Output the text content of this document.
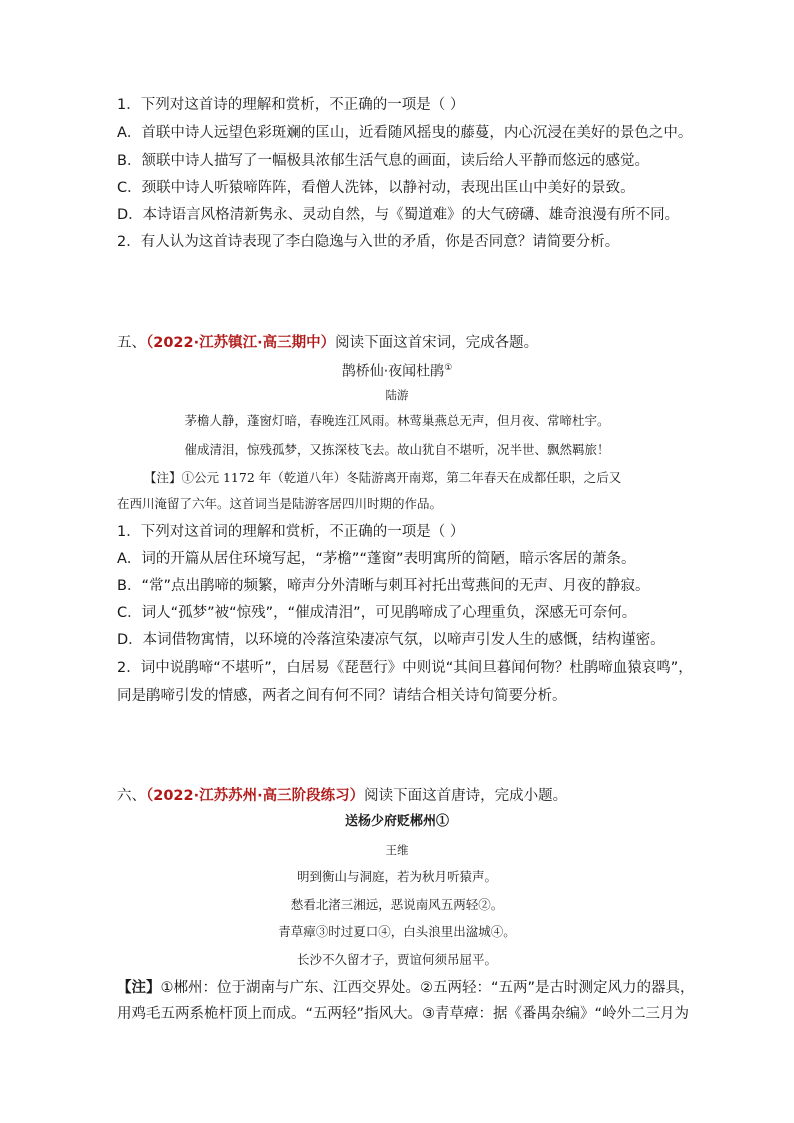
1．下列对这首诗的理解和赏析，不正确的一项是（ ）
A．首联中诗人远望色彩斑斓的匡山，近看随风摇曳的藤蔓，内心沉浸在美好的景色之中。
B．颔联中诗人描写了一幅极具浓郁生活气息的画面，读后给人平静而悠远的感觉。
C．颈联中诗人听猿啼阵阵，看僧人洗钵，以静衬动，表现出匡山中美好的景致。
D．本诗语言风格清新隽永、灵动自然，与《蜀道难》的大气磅礴、雄奇浪漫有所不同。
2．有人认为这首诗表现了李白隐逸与入世的矛盾，你是否同意？请简要分析。
五、（2022·江苏镇江·高三期中）阅读下面这首宋词，完成各题。
鹊桥仙·夜闻杜鹃①
陆游
茅檐人静，蓬窗灯暗，春晚连江风雨。林莺巢燕总无声，但月夜、常啼杜宇。
催成清泪，惊残孤梦，又拣深枝飞去。故山犹自不堪听，况半世、飘然羁旅！
【注】①公元 1172 年（乾道八年）冬陆游离开南郑，第二年春天在成都任职，之后又
在西川淹留了六年。这首词当是陆游客居四川时期的作品。
1．下列对这首词的理解和赏析，不正确的一项是（ ）
A．词的开篇从居住环境写起，“茅檐”“蓬窗”表明寓所的简陋，暗示客居的萧条。
B．“常”点出鹃啼的频繁，啼声分外清晰与刺耳衬托出莺燕间的无声、月夜的静寂。
C．词人“孤梦”被“惊残”，“催成清泪”，可见鹃啼成了心理重负，深感无可奈何。
D．本词借物寓情，以环境的冷落渲染凄凉气氛，以啼声引发人生的感慨，结构谨密。
2．词中说鹃啼“不堪听”，白居易《琵琶行》中则说“其间旦暮闻何物？杜鹃啼血猿哀鸣”，
同是鹃啼引发的情感，两者之间有何不同？请结合相关诗句简要分析。
六、（2022·江苏苏州·高三阶段练习）阅读下面这首唐诗，完成小题。
送杨少府贬郴州①
王维
明到衡山与洞庭，若为秋月听猿声。
愁看北渚三湘远，恶说南风五两轻②。
青草瘴③时过夏口④，白头浪里出湓城④。
长沙不久留才子，贾谊何须吊屈平。
【注】①郴州：位于湖南与广东、江西交界处。②五两轻：“五两”是古时测定风力的器具，
用鸡毛五两系桅杆顶上而成。“五两轻”指风大。③青草瘴：据《番禺杂编》“岭外二三月为
